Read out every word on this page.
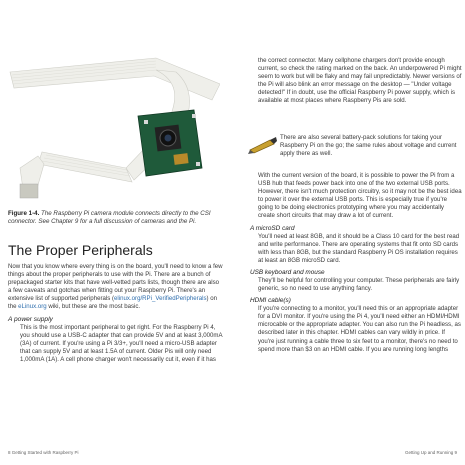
Figure 1-4. The Raspberry Pi camera module connects directly to the CSI connector. See Chapter 9 for a full discussion of cameras and the Pi.
The Proper Peripherals

Now that you know where every thing is on the board, you'll need to know a few things about the proper peripherals to use with the Pi. There are a bunch of prepackaged starter kits that have well-vetted parts lists, though there are also a few caveats and gotchas when fitting out your Raspberry Pi. There's an extensive list of supported peripherals (elinux.org/RPi_VerifiedPeripherals) on the eLinux.org wiki, but these are the most basic.

A power supply

This is the most important peripheral to get right. For the Raspberry Pi 4, you should use a USB-C adapter that can provide 5V and at least 3,000mA (3A) of current. If you're using a Pi 3/3+, you'll need a micro-USB adapter that can supply 5V and at least 1.5A of current. Older Pis will only need 1,000mA (1A). A cell phone charger won't necessarily cut it, even if it has

8 Getting Started with Raspberry Pi

the correct connector. Many cellphone chargers don't provide enough current, so check the rating marked on the back. An underpowered Pi might seem to work but will be flaky and may fail unpredictably. Newer versions of the Pi will also blink an error message on the desktop — "Under voltage detected!" If in doubt, use the official Raspberry Pi power supply, which is available at most places where Raspberry Pis are sold.

There are also several battery-pack solutions for taking your Raspberry Pi on the go; the same rules about voltage and current apply there as well.

With the current version of the board, it is possible to power the Pi from a USB hub that feeds power back into one of the two external USB ports. However, there isn't much protection circuitry, so it may not be the best idea to power it over the external USB ports. This is especially true if you're going to be doing electronics prototyping where you may accidentally create short circuits that may draw a lot of current.

A microSD card

You'll need at least 8GB, and it should be a Class 10 card for the best read and write performance. There are operating systems that fit onto SD cards with less than 8GB, but the standard Raspberry Pi OS installation requires at least an 8GB microSD card.

USB keyboard and mouse

They'll be helpful for controlling your computer. These peripherals are fairly generic, so no need to use anything fancy.

HDMI cable(s)

If you're connecting to a monitor, you'll need this or an appropriate adapter for a DVI monitor. If you're using the Pi 4, you'll need either an HDMI/HDMI microcable or the appropriate adapter. You can also run the Pi headless, as described later in this chapter. HDMI cables can vary wildly in price. If you're just running a cable three to six feet to a monitor, there's no need to spend more than $3 on an HDMI cable. If you are running long lengths

Getting Up and Running 9
